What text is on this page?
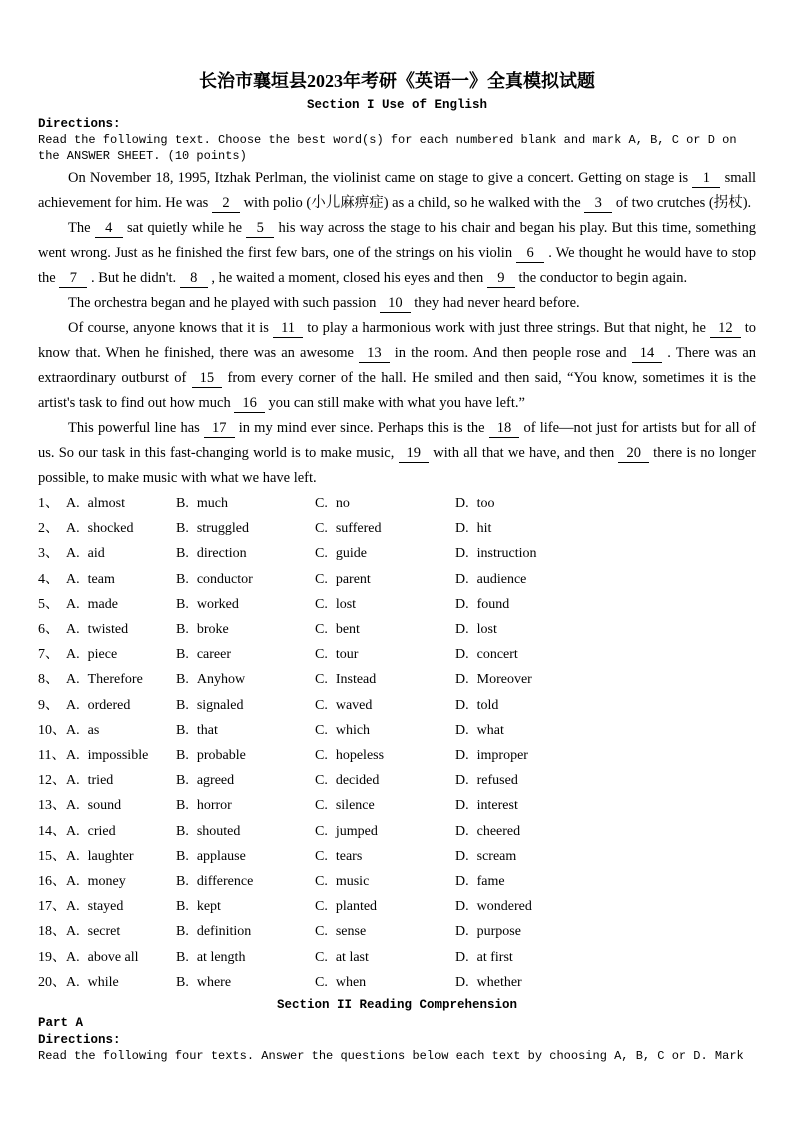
长治市襄垣县2023年考研《英语一》全真模拟试题
Section I Use of English
Directions:
Read the following text. Choose the best word(s) for each numbered blank and mark A, B, C or D on the ANSWER SHEET. (10 points)

On November 18, 1995, Itzhak Perlman, the violinist came on stage to give a concert. Getting on stage is 1 small achievement for him. He was 2 with polio (小儿麻痹症) as a child, so he walked with the 3 of two crutches (拐杖).

The 4 sat quietly while he 5 his way across the stage to his chair and began his play. But this time, something went wrong. Just as he finished the first few bars, one of the strings on his violin 6 . We thought he would have to stop the 7 . But he didn't. 8 , he waited a moment, closed his eyes and then 9 the conductor to begin again.

The orchestra began and he played with such passion 10 they had never heard before.

Of course, anyone knows that it is 11 to play a harmonious work with just three strings. But that night, he 12 to know that. When he finished, there was an awesome 13 in the room. And then people rose and 14 . There was an extraordinary outburst of 15 from every corner of the hall. He smiled and then said, “You know, sometimes it is the artist's task to find out how much 16 you can still make with what you have left.”

This powerful line has 17 in my mind ever since. Perhaps this is the 18 of life—not just for artists but for all of us. So our task in this fast-changing world is to make music, 19 with all that we have, and then 20 there is no longer possible, to make music with what we have left.

1、 A. almost	B. much	C. no	D. too
2、 A. shocked	B. struggled	C. suffered	D. hit
3、 A. aid	B. direction	C. guide	D. instruction
4、 A. team	B. conductor	C. parent	D. audience
5、 A. made	B. worked	C. lost	D. found
6、 A. twisted	B. broke	C. bent	D. lost
7、 A. piece	B. career	C. tour	D. concert
8、 A. Therefore	B. Anyhow	C. Instead	D. Moreover
9、 A. ordered	B. signaled	C. waved	D. told
10、 A. as	B. that	C. which	D. what
11、 A. impossible	B. probable	C. hopeless	D. improper
12、 A. tried	B. agreed	C. decided	D. refused
13、 A. sound	B. horror	C. silence	D. interest
14、 A. cried	B. shouted	C. jumped	D. cheered
15、 A. laughter	B. applause	C. tears	D. scream
16、 A. money	B. difference	C. music	D. fame
17、 A. stayed	B. kept	C. planted	D. wondered
18、 A. secret	B. definition	C. sense	D. purpose
19、 A. above all	B. at length	C. at last	D. at first
20、 A. while	B. where	C. when	D. whether
Section II Reading Comprehension
Part A
Directions:
Read the following four texts. Answer the questions below each text by choosing A, B, C or D. Mark
